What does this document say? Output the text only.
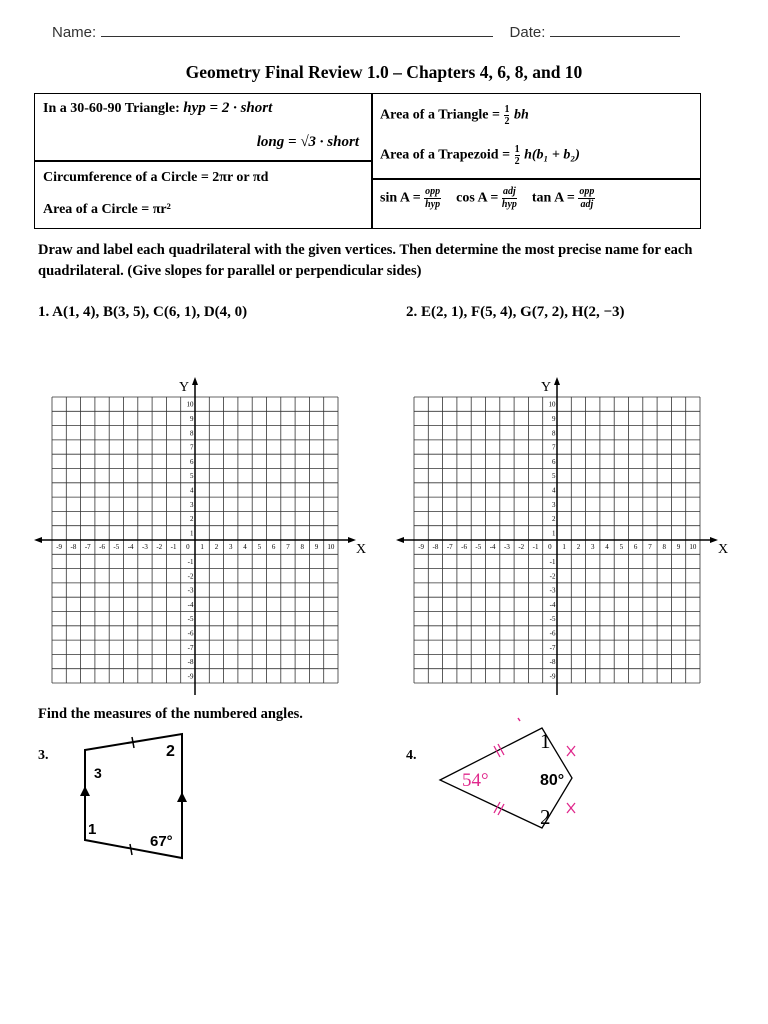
Name:	Date:
Geometry Final Review 1.0 – Chapters 4, 6, 8, and 10
In a 30-60-90 Triangle: hyp = 2 · short
long = √3 · short
Circumference of a Circle = 2πr or πd
Area of a Circle = πr²
Area of a Triangle = $\frac{1}{2}$ bh
Area of a Trapezoid = $\frac{1}{2} h(b_1 + b_2)$
sin A = opp
hyp cos A = adj
hyp tan A = opp
adj
Draw and label each quadrilateral with the given vertices. Then determine the most precise name for each quadrilateral. (Give slopes for parallel or perpendicular sides)
1. A(1, 4), B(3, 5), C(6, 1), D(4, 0)	2. E(2, 1), F(5, 4), G(7, 2), H(2, −3)
X
Y
-9 -8 -7 -6 -5 -4 -3 -2 -1 0 1 2 3 4 5 6 7 8 9 10
10
9
8
7
6
5
4
3
2
1
-1
-2
-3
-4
-5
-6
-7
-8
-9
X
Y
-9 -8 -7 -6 -5 -4 -3 -2 -1 0 1 2 3 4 5 6 7 8 9 10
10
9
8
7
6
5
4
3
2
1
-1
-2
-3
-4
-5
-6
-7
-8
-9
Find the measures of the numbered angles.
3.	4.
3
2
1
67°
54°	80°
1
2
